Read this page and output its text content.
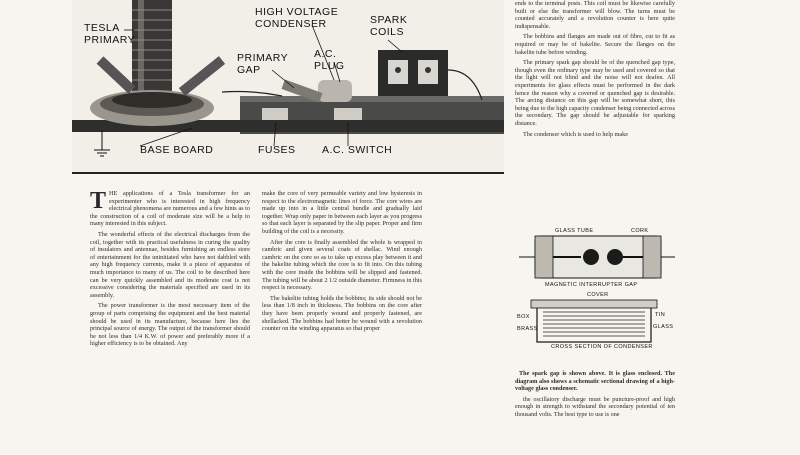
TESLA PRIMARY
HIGH VOLTAGE CONDENSER	SPARK COILS
PRIMARY GAP
A.C. PLUG
BASE BOARD	FUSES	A.C. SWITCH

THE applications of a Tesla transformer for an experimenter who is interested in high frequency electrical phenomena are numerous and a few hints as to the construction of a coil of moderate size will be a help to many interested in this subject.

The wonderful effects of the electrical discharges from the coil, together with its practical usefulness in curing the quality of insulators and antennae, besides furnishing an endless store of entertainment for the uninitiated who have not dabbled with any high frequency currents, make it a piece of apparatus of much importance to many of us. The coil to be described here can be very quickly assembled and its moderate cost is not excessive considering the materials specified are used in its assembly.

The power transformer is the most necessary item of the group of parts comprising the equipment and the best material should be used in its manufacture, because here lies the principal source of energy. The output of the transformer should be not less than 1/4 K.W. of power and preferably more if a higher efficiency is to be obtained. Any

make the core of very permeable variety and low hysteresis in respect to the electromagnetic lines of force. The core wires are made up into in a little central bundle and gradually laid together. Wrap only paper in between each layer as you progress so that each layer is separated by the slip paper. Proper and firm building of the coil is a necessity.

After the core is finally assembled the whole is wrapped in cambric and given several coats of shellac. Wind enough cambric on the core so as to take up excess play between it and the bakelite tubing which the core is to fit into. On this tubing with the core inside the bobbins will be slipped and fastened. The tubing will be about 2 1/2 outside diameter. Firmness in this respect is necessary.

The bakelite tubing holds the bobbins; its side should not be less than 1/8 inch in thickness. The bobbins on the core after they have been properly wound and properly fastened, are shellacked. The bobbins had better be wound with a revolution counter on the winding apparatus so that proper

ends to the terminal posts. This coil must be likewise carefully built or else the transformer will blow. The turns must be counted accurately and a revolution counter is here quite indispensable.

The bobbins and flanges are made out of fibre, cut to fit as required or may be of bakelite. Secure the flanges on the bakelite tube before winding.

The primary spark gap should be of the quenched gap type, though even the ordinary type may be used and covered so that the light will not blind and the noise will not deafen. All experiments for glass effects must be performed in the dark hence the reason why a covered or quenched gap is desirable. The arcing distance on this gap will be somewhat short, this being due to the high capacity condenser being connected across the secondary. The gap should be adjustable for sparking distance.

The condenser which is used to help make

GLASS TUBE	CORK
MAGNETIC INTERRUPTER GAP
COVER
BOX
BRASS
TIN
GLASS
CROSS SECTION OF CONDENSER

The spark gap is shown above. It is glass enclosed. The diagram also shows a schematic sectional drawing of a high-voltage glass condenser.

the oscillatory discharge must be puncture-proof and high enough in strength to withstand the secondary potential of ten thousand volts. The best type to use is one
